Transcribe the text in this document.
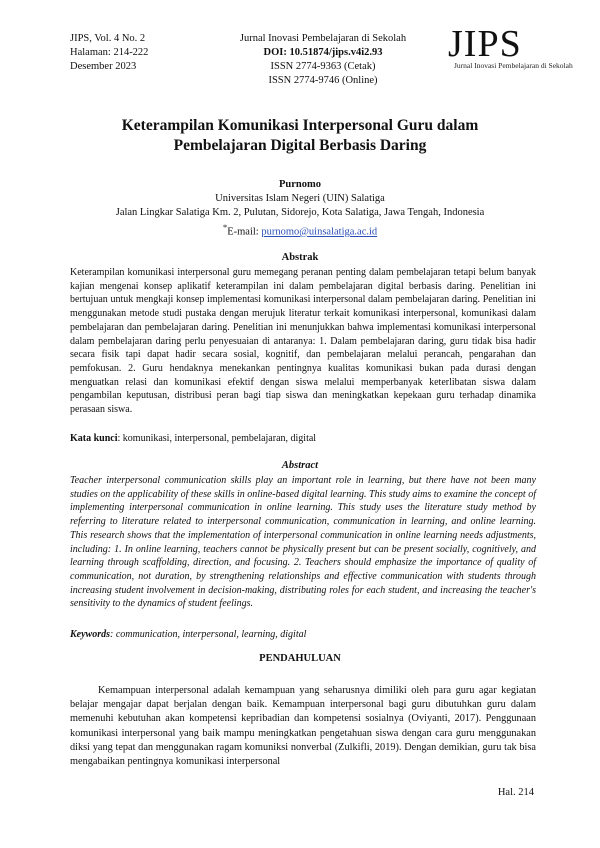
JIPS, Vol. 4 No. 2
Halaman: 214-222
Desember 2023
Jurnal Inovasi Pembelajaran di Sekolah
DOI: 10.51874/jips.v4i2.93
ISSN 2774-9363 (Cetak)
ISSN 2774-9746 (Online)
JIPS
Jurnal Inovasi Pembelajaran di Sekolah
Keterampilan Komunikasi Interpersonal Guru dalam
Pembelajaran Digital Berbasis Daring
Purnomo
Universitas Islam Negeri (UIN) Salatiga
Jalan Lingkar Salatiga Km. 2, Pulutan, Sidorejo, Kota Salatiga, Jawa Tengah, Indonesia
*E-mail: purnomo@uinsalatiga.ac.id
Abstrak
Keterampilan komunikasi interpersonal guru memegang peranan penting dalam pembelajaran tetapi belum banyak kajian mengenai konsep aplikatif keterampilan ini dalam pembelajaran digital berbasis daring. Penelitian ini bertujuan untuk mengkaji konsep implementasi komunikasi interpersonal dalam pembelajaran daring. Penelitian ini menggunakan metode studi pustaka dengan merujuk literatur terkait komunikasi interpersonal, komunikasi dalam pembelajaran dan pembelajaran daring. Penelitian ini menunjukkan bahwa implementasi komunikasi interpersonal dalam pembelajaran daring perlu penyesuaian di antaranya: 1. Dalam pembelajaran daring, guru tidak bisa hadir secara fisik tapi dapat hadir secara sosial, kognitif, dan pembelajaran melalui perancah, pengarahan dan pemfokusan. 2. Guru hendaknya menekankan pentingnya kualitas komunikasi bukan pada durasi dengan menguatkan relasi dan komunikasi efektif dengan siswa melalui memperbanyak keterlibatan siswa dalam pengambilan keputusan, distribusi peran bagi tiap siswa dan meningkatkan kepekaan guru terhadap dinamika perasaan siswa.
Kata kunci: komunikasi, interpersonal, pembelajaran, digital
Abstract
Teacher interpersonal communication skills play an important role in learning, but there have not been many studies on the applicability of these skills in online-based digital learning. This study aims to examine the concept of implementing interpersonal communication in online learning. This study uses the literature study method by referring to literature related to interpersonal communication, communication in learning, and online learning. This research shows that the implementation of interpersonal communication in online learning needs adjustments, including: 1. In online learning, teachers cannot be physically present but can be present socially, cognitively, and learning through scaffolding, direction, and focusing. 2. Teachers should emphasize the importance of quality of communication, not duration, by strengthening relationships and effective communication with students through increasing student involvement in decision-making, distributing roles for each student, and increasing the teacher's sensitivity to the dynamics of student feelings.
Keywords: communication, interpersonal, learning, digital
PENDAHULUAN
Kemampuan interpersonal adalah kemampuan yang seharusnya dimiliki oleh para guru agar kegiatan belajar mengajar dapat berjalan dengan baik. Kemampuan interpersonal bagi guru dibutuhkan guru dalam memenuhi kebutuhan akan kompetensi kepribadian dan kompetensi sosialnya (Oviyanti, 2017). Penggunaan komunikasi interpersonal yang baik mampu meningkatkan pengetahuan siswa dengan cara guru menggunakan diksi yang tepat dan menggunakan ragam komuniksi nonverbal (Zulkifli, 2019). Dengan demikian, guru tak bisa mengabaikan pentingnya komunikasi interpersonal
Hal. 214
